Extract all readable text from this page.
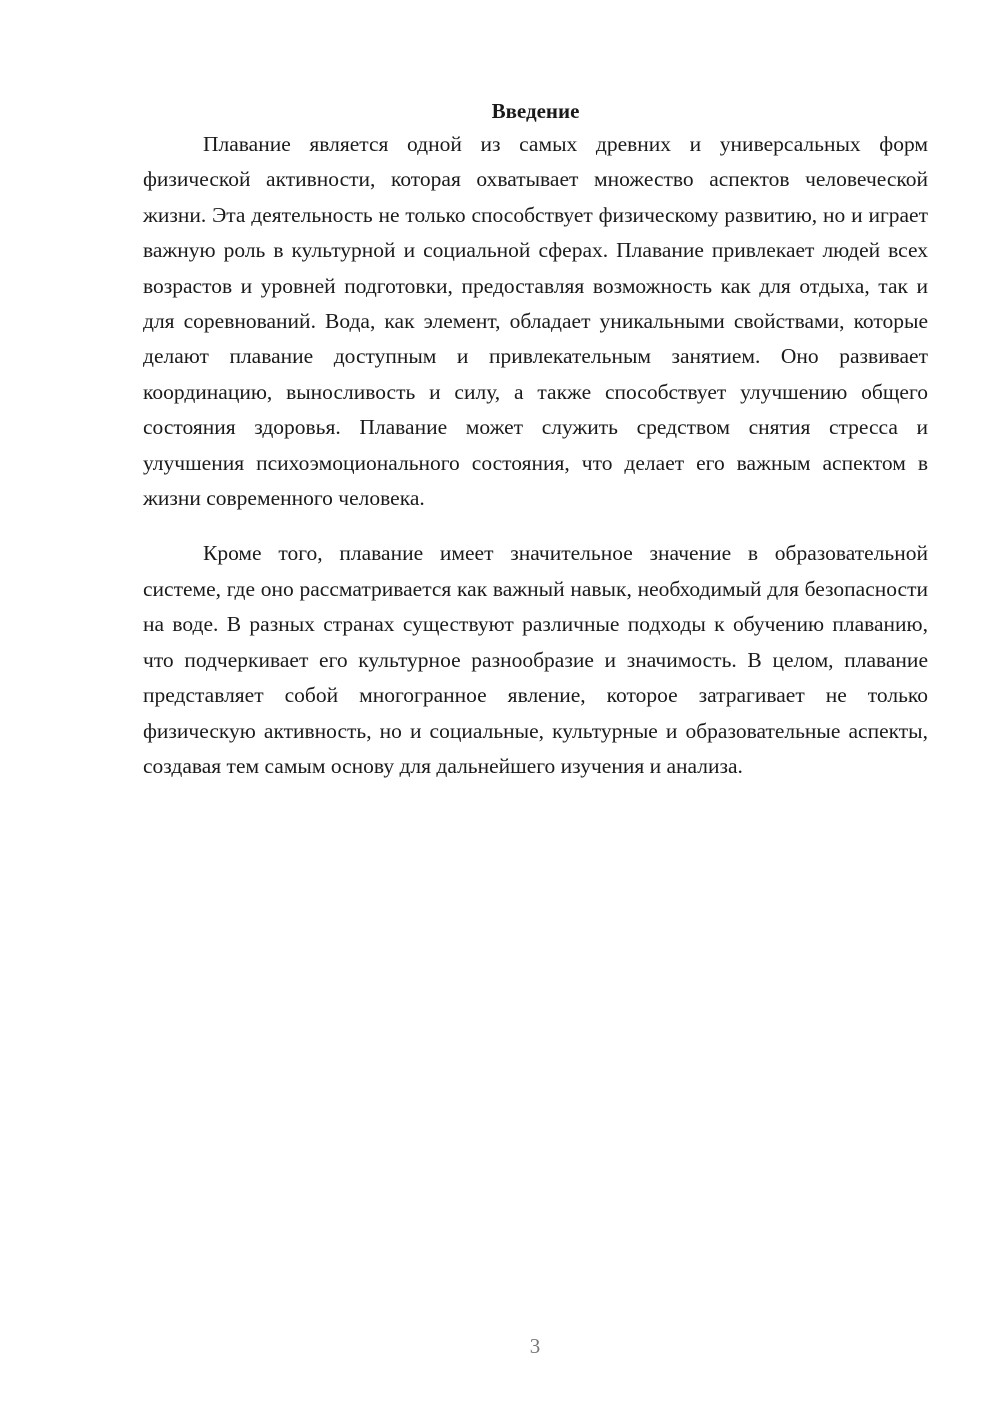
Введение

Плавание является одной из самых древних и универсальных форм физической активности, которая охватывает множество аспектов человеческой жизни. Эта деятельность не только способствует физическому развитию, но и играет важную роль в культурной и социальной сферах. Плавание привлекает людей всех возрастов и уровней подготовки, предоставляя возможность как для отдыха, так и для соревнований. Вода, как элемент, обладает уникальными свойствами, которые делают плавание доступным и привлекательным занятием. Оно развивает координацию, выносливость и силу, а также способствует улучшению общего состояния здоровья. Плавание может служить средством снятия стресса и улучшения психоэмоционального состояния, что делает его важным аспектом в жизни современного человека.

Кроме того, плавание имеет значительное значение в образовательной системе, где оно рассматривается как важный навык, необходимый для безопасности на воде. В разных странах существуют различные подходы к обучению плаванию, что подчеркивает его культурное разнообразие и значимость. В целом, плавание представляет собой многогранное явление, которое затрагивает не только физическую активность, но и социальные, культурные и образовательные аспекты, создавая тем самым основу для дальнейшего изучения и анализа.

3
